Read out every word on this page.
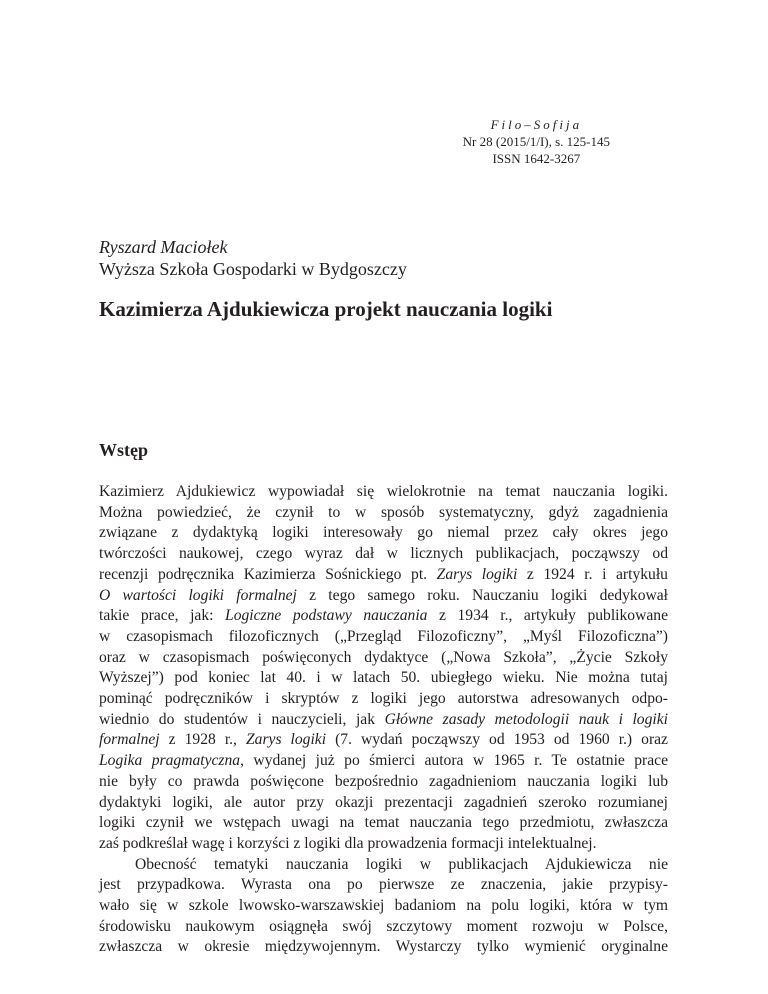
Filo–Sofija
Nr 28 (2015/1/I), s. 125-145
ISSN 1642-3267
Ryszard Maciołek
Wyższa Szkoła Gospodarki w Bydgoszczy
Kazimierza Ajdukiewicza projekt nauczania logiki
Wstęp

Kazimierz Ajdukiewicz wypowiadał się wielokrotnie na temat nauczania logiki.

Można powiedzieć, że czynił to w sposób systematyczny, gdyż zagadnienia

związane z dydaktyką logiki interesowały go niemal przez cały okres jego

twórczości naukowej, czego wyraz dał w licznych publikacjach, począwszy od

recenzji podręcznika Kazimierza Sośnickiego pt. Zarys logiki z 1924 r. i artykułu

O wartości logiki formalnej z tego samego roku. Nauczaniu logiki dedykował

takie prace, jak: Logiczne podstawy nauczania z 1934 r., artykuły publikowane

w czasopismach filozoficznych („Przegląd Filozoficzny”, „Myśl Filozoficzna”)

oraz w czasopismach poświęconych dydaktyce („Nowa Szkoła”, „Życie Szkoły

Wyższej”) pod koniec lat 40. i w latach 50. ubiegłego wieku. Nie można tutaj

pominąć podręczników i skryptów z logiki jego autorstwa adresowanych odpo-

wiednio do studentów i nauczycieli, jak Główne zasady metodologii nauk i logiki

formalnej z 1928 r., Zarys logiki (7. wydań począwszy od 1953 od 1960 r.) oraz

Logika pragmatyczna, wydanej już po śmierci autora w 1965 r. Te ostatnie prace

nie były co prawda poświęcone bezpośrednio zagadnieniom nauczania logiki lub

dydaktyki logiki, ale autor przy okazji prezentacji zagadnień szeroko rozumianej

logiki czynił we wstępach uwagi na temat nauczania tego przedmiotu, zwłaszcza

zaś podkreślał wagę i korzyści z logiki dla prowadzenia formacji intelektualnej.

Obecność tematyki nauczania logiki w publikacjach Ajdukiewicza nie

jest przypadkowa. Wyrasta ona po pierwsze ze znaczenia, jakie przypisy-

wało się w szkole lwowsko-warszawskiej badaniom na polu logiki, która w tym

środowisku naukowym osiągnęła swój szczytowy moment rozwoju w Polsce,

zwłaszcza w okresie międzywojennym. Wystarczy tylko wymienić oryginalne
